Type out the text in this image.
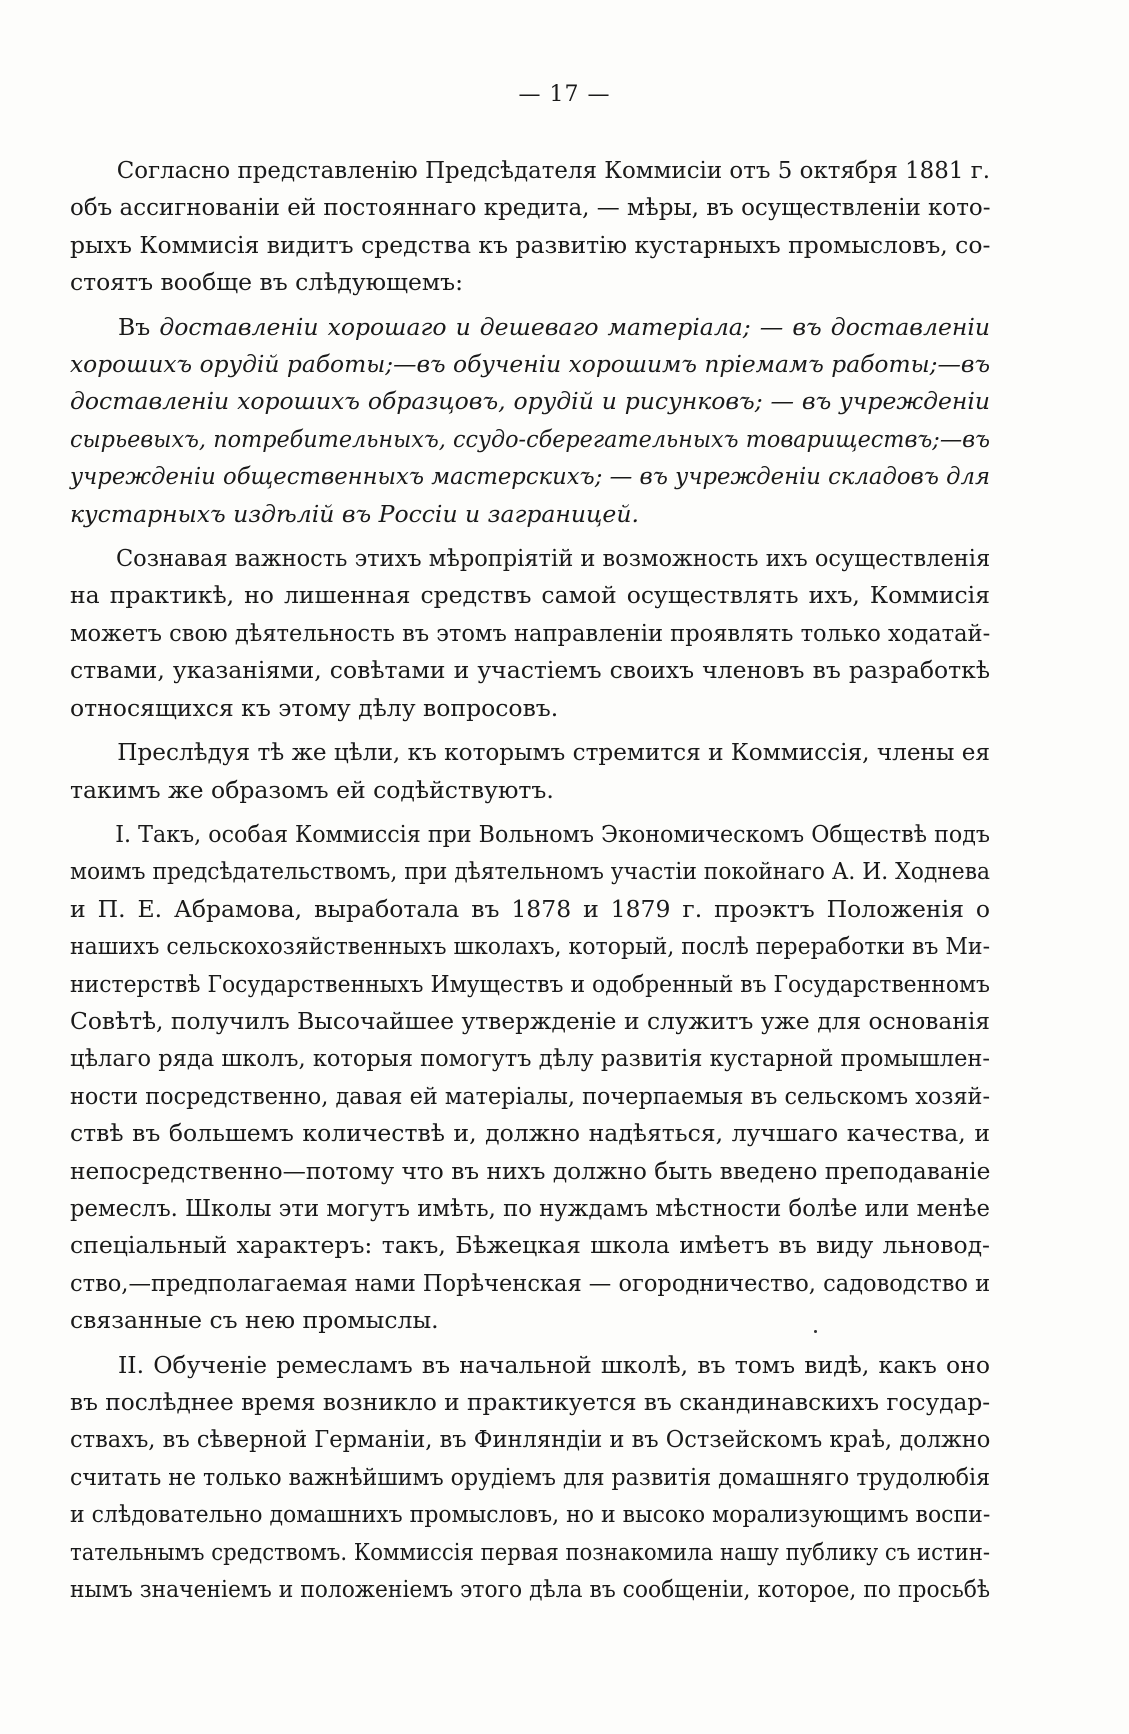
— 17 —

Согласно представленію Предсѣдателя Коммисіи отъ 5 октября 1881 г.
объ ассигнованіи ей постояннаго кредита, — мѣры, въ осуществленіи кото-
рыхъ Коммисія видитъ средства къ развитію кустарныхъ промысловъ, со-
стоятъ вообще въ слѣдующемъ:

Въ доставленіи хорошаго и дешеваго матеріала; — въ доставленіи
хорошихъ орудій работы;—въ обученіи хорошимъ пріемамъ работы;—въ
доставленіи хорошихъ образцовъ, орудій и рисунковъ; — въ учрежденіи
сырьевыхъ, потребительныхъ, ссудо-сберегательныхъ товариществъ;—въ
учрежденіи общественныхъ мастерскихъ; — въ учрежденіи складовъ для
кустарныхъ издѣлій въ Россіи и заграницей.

Сознавая важность этихъ мѣропріятій и возможность ихъ осуществленія
на практикѣ, но лишенная средствъ самой осуществлять ихъ, Коммисія
можетъ свою дѣятельность въ этомъ направленіи проявлять только ходатай-
ствами, указаніями, совѣтами и участіемъ своихъ членовъ въ разработкѣ
относящихся къ этому дѣлу вопросовъ.

Преслѣдуя тѣ же цѣли, къ которымъ стремится и Коммиссія, члены ея
такимъ же образомъ ей содѣйствуютъ.

I. Такъ, особая Коммиссія при Вольномъ Экономическомъ Обществѣ подъ
моимъ предсѣдательствомъ, при дѣятельномъ участіи покойнаго А. И. Ходнева
и П. Е. Абрамова, выработала въ 1878 и 1879 г. проэктъ Положенія о
нашихъ сельскохозяйственныхъ школахъ, который, послѣ переработки въ Ми-
нистерствѣ Государственныхъ Имуществъ и одобренный въ Государственномъ
Совѣтѣ, получилъ Высочайшее утвержденіе и служитъ уже для основанія
цѣлаго ряда школъ, которыя помогутъ дѣлу развитія кустарной промышлен-
ности посредственно, давая ей матеріалы, почерпаемыя въ сельскомъ хозяй-
ствѣ въ большемъ количествѣ и, должно надѣяться, лучшаго качества, и
непосредственно—потому что въ нихъ должно быть введено преподаваніе
ремеслъ. Школы эти могутъ имѣть, по нуждамъ мѣстности болѣе или менѣе
спеціальный характеръ: такъ, Бѣжецкая школа имѣетъ въ виду льновод-
ство,—предполагаемая нами Порѣченская — огородничество, садоводство и
связанные съ нею промыслы.

II. Обученіе ремесламъ въ начальной школѣ, въ томъ видѣ, какъ оно
въ послѣднее время возникло и практикуется въ скандинавскихъ государ-
ствахъ, въ сѣверной Германіи, въ Финляндіи и въ Остзейскомъ краѣ, должно
считать не только важнѣйшимъ орудіемъ для развитія домашняго трудолюбія
и слѣдовательно домашнихъ промысловъ, но и высоко морализующимъ воспи-
тательнымъ средствомъ. Коммиссія первая познакомила нашу публику съ истин-
нымъ значеніемъ и положеніемъ этого дѣла въ сообщеніи, которое, по просьбѣ
